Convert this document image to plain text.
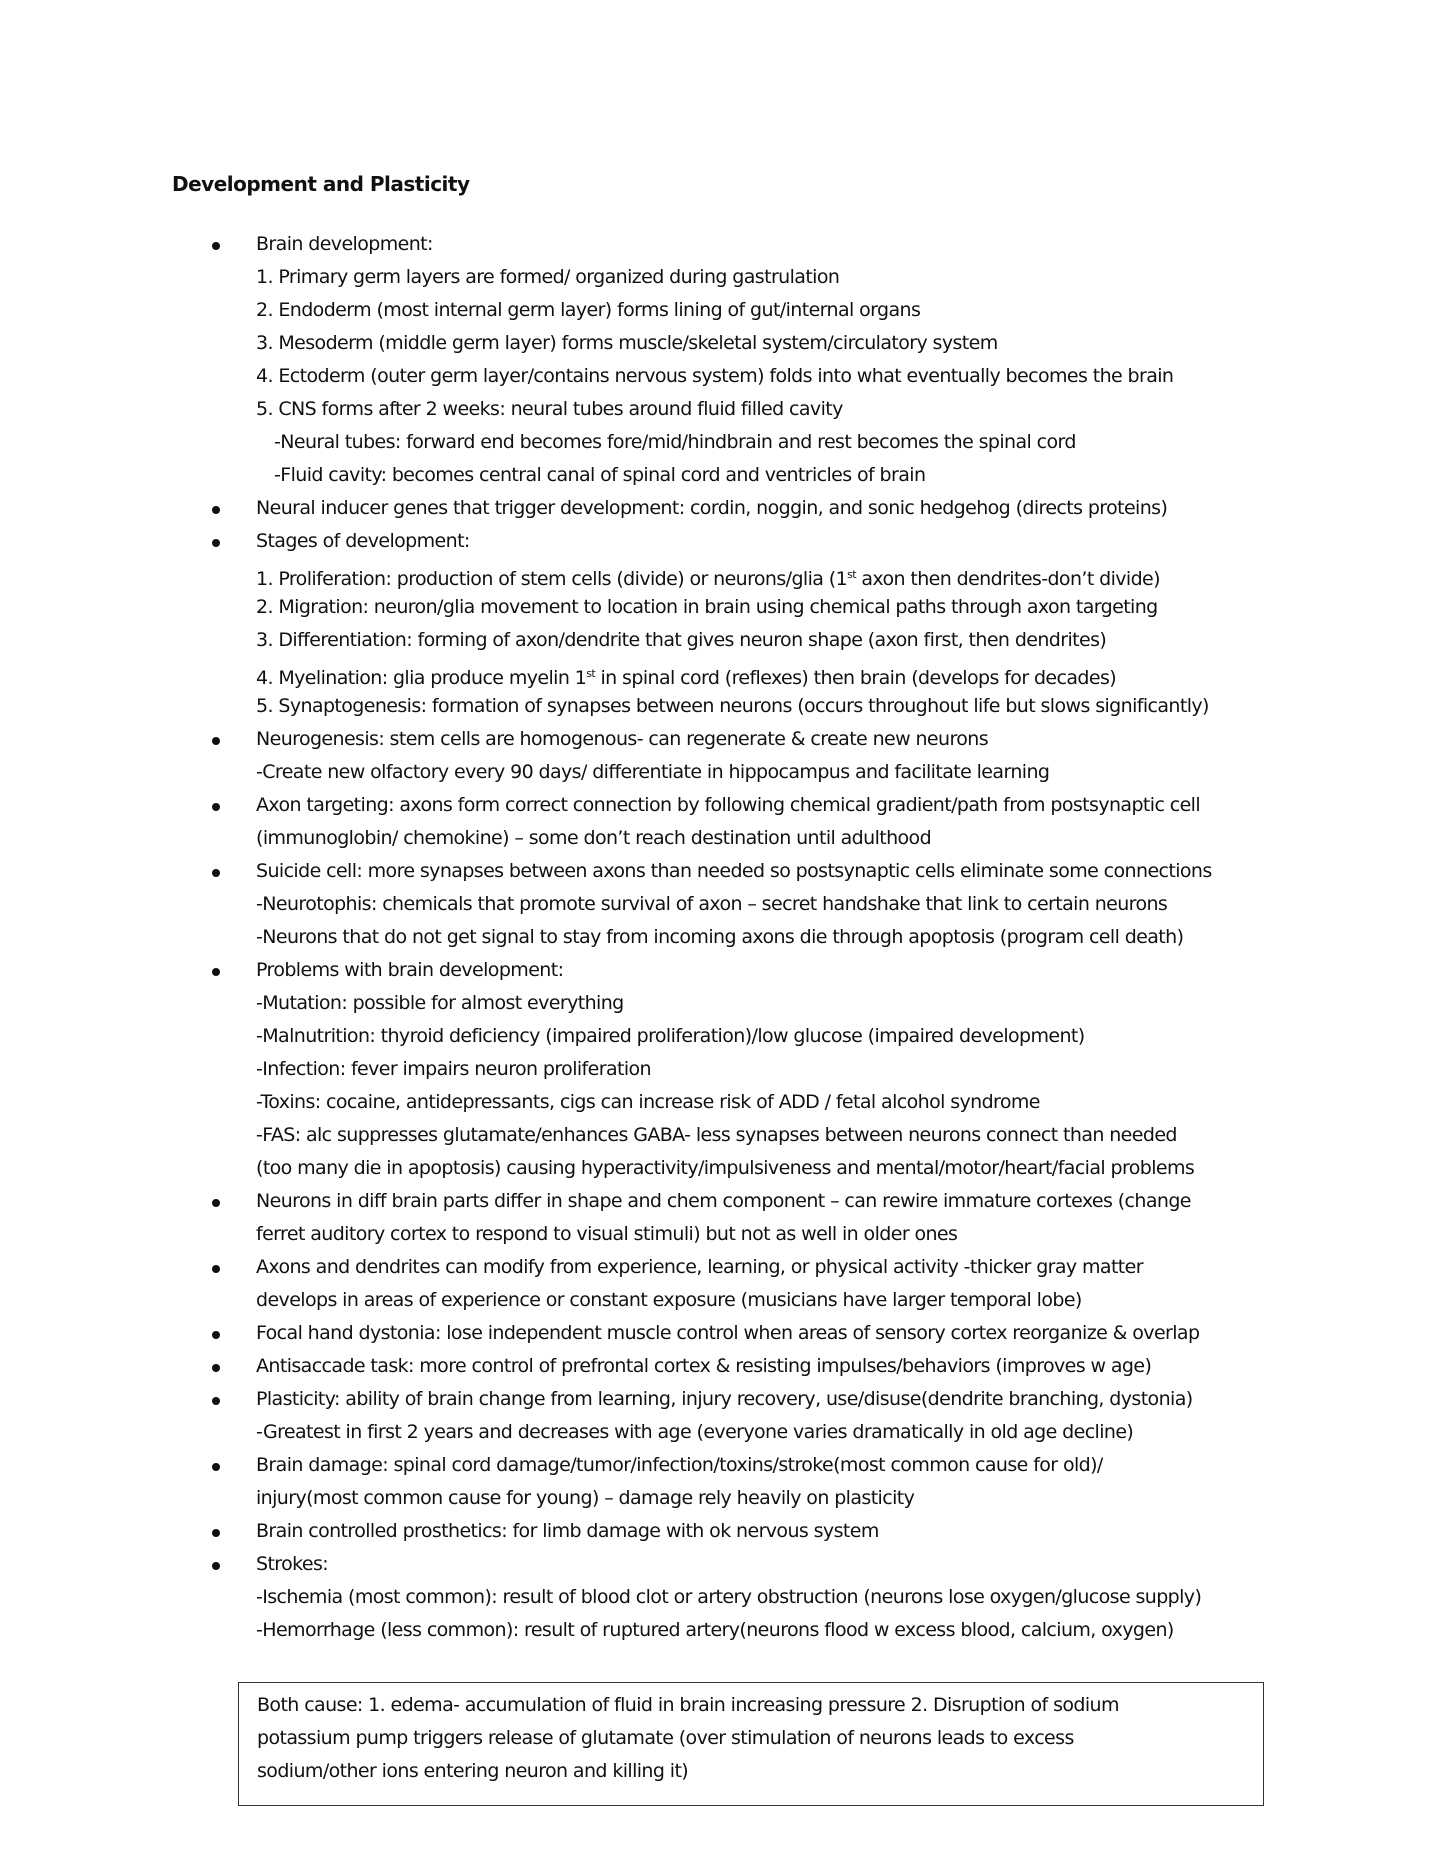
Development and Plasticity
Brain development:
1. Primary germ layers are formed/ organized during gastrulation
2. Endoderm (most internal germ layer) forms lining of gut/internal organs
3. Mesoderm (middle germ layer) forms muscle/skeletal system/circulatory system
4. Ectoderm (outer germ layer/contains nervous system) folds into what eventually becomes the brain
5. CNS forms after 2 weeks: neural tubes around fluid filled cavity
-Neural tubes: forward end becomes fore/mid/hindbrain and rest becomes the spinal cord
-Fluid cavity: becomes central canal of spinal cord and ventricles of brain
Neural inducer genes that trigger development: cordin, noggin, and sonic hedgehog (directs proteins)
Stages of development:
1. Proliferation: production of stem cells (divide) or neurons/glia (1st axon then dendrites-don’t divide)
2. Migration: neuron/glia movement to location in brain using chemical paths through axon targeting
3. Differentiation: forming of axon/dendrite that gives neuron shape (axon first, then dendrites)
4. Myelination: glia produce myelin 1st in spinal cord (reflexes) then brain (develops for decades)
5. Synaptogenesis: formation of synapses between neurons (occurs throughout life but slows significantly)
Neurogenesis: stem cells are homogenous- can regenerate & create new neurons
-Create new olfactory every 90 days/ differentiate in hippocampus and facilitate learning
Axon targeting: axons form correct connection by following chemical gradient/path from postsynaptic cell
(immunoglobin/ chemokine) – some don’t reach destination until adulthood
Suicide cell: more synapses between axons than needed so postsynaptic cells eliminate some connections
-Neurotophis: chemicals that promote survival of axon – secret handshake that link to certain neurons
-Neurons that do not get signal to stay from incoming axons die through apoptosis (program cell death)
Problems with brain development:
-Mutation: possible for almost everything
-Malnutrition: thyroid deficiency (impaired proliferation)/low glucose (impaired development)
-Infection: fever impairs neuron proliferation
-Toxins: cocaine, antidepressants, cigs can increase risk of ADD / fetal alcohol syndrome
-FAS: alc suppresses glutamate/enhances GABA- less synapses between neurons connect than needed
(too many die in apoptosis) causing hyperactivity/impulsiveness and mental/motor/heart/facial problems
Neurons in diff brain parts differ in shape and chem component – can rewire immature cortexes (change
ferret auditory cortex to respond to visual stimuli) but not as well in older ones
Axons and dendrites can modify from experience, learning, or physical activity -thicker gray matter
develops in areas of experience or constant exposure (musicians have larger temporal lobe)
Focal hand dystonia: lose independent muscle control when areas of sensory cortex reorganize & overlap
Antisaccade task: more control of prefrontal cortex & resisting impulses/behaviors (improves w age)
Plasticity: ability of brain change from learning, injury recovery, use/disuse(dendrite branching, dystonia)
-Greatest in first 2 years and decreases with age (everyone varies dramatically in old age decline)
Brain damage: spinal cord damage/tumor/infection/toxins/stroke(most common cause for old)/
injury(most common cause for young) – damage rely heavily on plasticity
Brain controlled prosthetics: for limb damage with ok nervous system
Strokes:
-Ischemia (most common): result of blood clot or artery obstruction (neurons lose oxygen/glucose supply)
-Hemorrhage (less common): result of ruptured artery(neurons flood w excess blood, calcium, oxygen)
Both cause: 1. edema- accumulation of fluid in brain increasing pressure 2. Disruption of sodium
potassium pump triggers release of glutamate (over stimulation of neurons leads to excess
sodium/other ions entering neuron and killing it)
